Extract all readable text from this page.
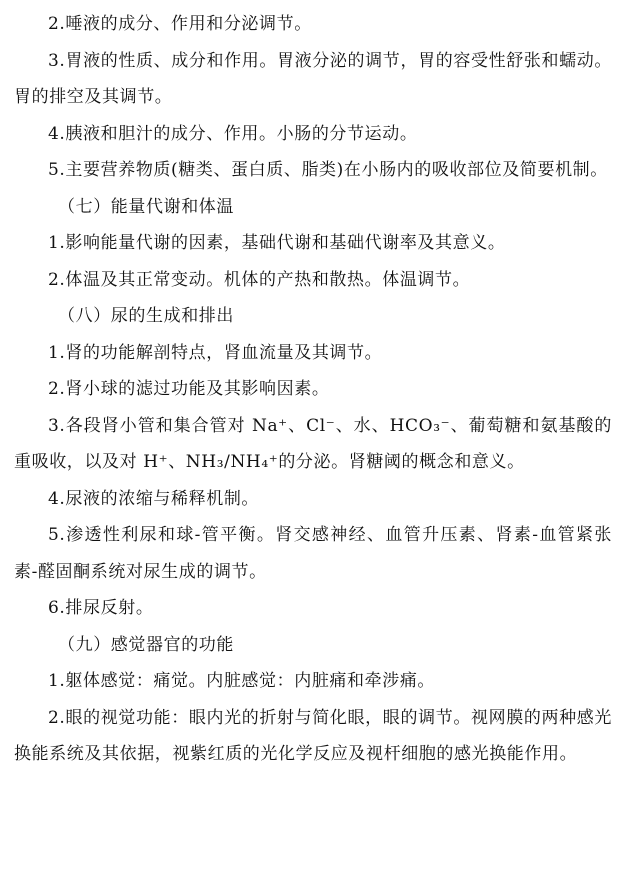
2.唾液的成分、作用和分泌调节。

3.胃液的性质、成分和作用。胃液分泌的调节，胃的容受性舒张和蠕动。胃的排空及其调节。

4.胰液和胆汁的成分、作用。小肠的分节运动。

5.主要营养物质(糖类、蛋白质、脂类)在小肠内的吸收部位及简要机制。

（七）能量代谢和体温

1.影响能量代谢的因素，基础代谢和基础代谢率及其意义。

2.体温及其正常变动。机体的产热和散热。体温调节。

（八）尿的生成和排出

1.肾的功能解剖特点，肾血流量及其调节。

2.肾小球的滤过功能及其影响因素。

3.各段肾小管和集合管对 Na⁺、Cl⁻、水、HCO₃⁻、葡萄糖和氨基酸的重吸收，以及对 H⁺、NH₃/NH₄⁺的分泌。肾糖阈的概念和意义。

4.尿液的浓缩与稀释机制。

5.渗透性利尿和球-管平衡。肾交感神经、血管升压素、肾素-血管紧张素-醛固酮系统对尿生成的调节。

6.排尿反射。

（九）感觉器官的功能

1.躯体感觉：痛觉。内脏感觉：内脏痛和牵涉痛。

2.眼的视觉功能：眼内光的折射与简化眼，眼的调节。视网膜的两种感光换能系统及其依据，视紫红质的光化学反应及视杆细胞的感光换能作用。
